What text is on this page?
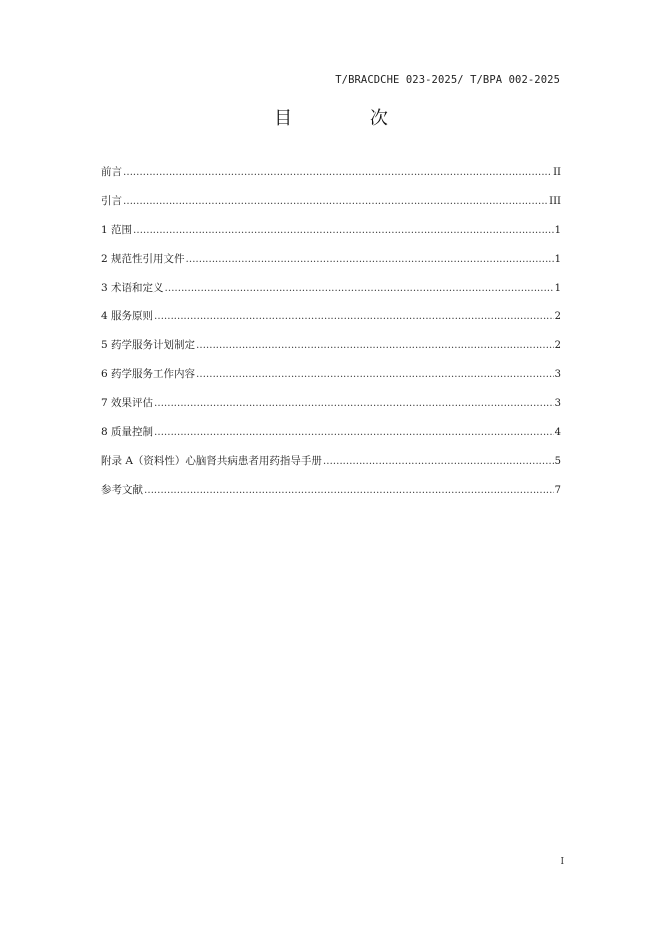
T/BRACDCHE 023-2025/ T/BPA 002-2025
目 次
前言 …………………………………………………………………………………………………………………………………………………………………………………………………………………………	II
引言 …………………………………………………………………………………………………………………………………………………………………………………………………………………………	III
1 范围 …………………………………………………………………………………………………………………………………………………………………………………………………………………………	1
2 规范性引用文件 …………………………………………………………………………………………………………………………………………………………………………………………………………………………	1
3 术语和定义 …………………………………………………………………………………………………………………………………………………………………………………………………………………………	1
4 服务原则 …………………………………………………………………………………………………………………………………………………………………………………………………………………………	2
5 药学服务计划制定 …………………………………………………………………………………………………………………………………………………………………………………………………………………………	2
6 药学服务工作内容 …………………………………………………………………………………………………………………………………………………………………………………………………………………………	3
7 效果评估 …………………………………………………………………………………………………………………………………………………………………………………………………………………………	3
8 质量控制 …………………………………………………………………………………………………………………………………………………………………………………………………………………………	4
附录 A（资料性）心脑肾共病患者用药指导手册 …………………………………………………………………………………………………………………………………………………………………………………………………………………………	5
参考文献 …………………………………………………………………………………………………………………………………………………………………………………………………………………………	7
I
